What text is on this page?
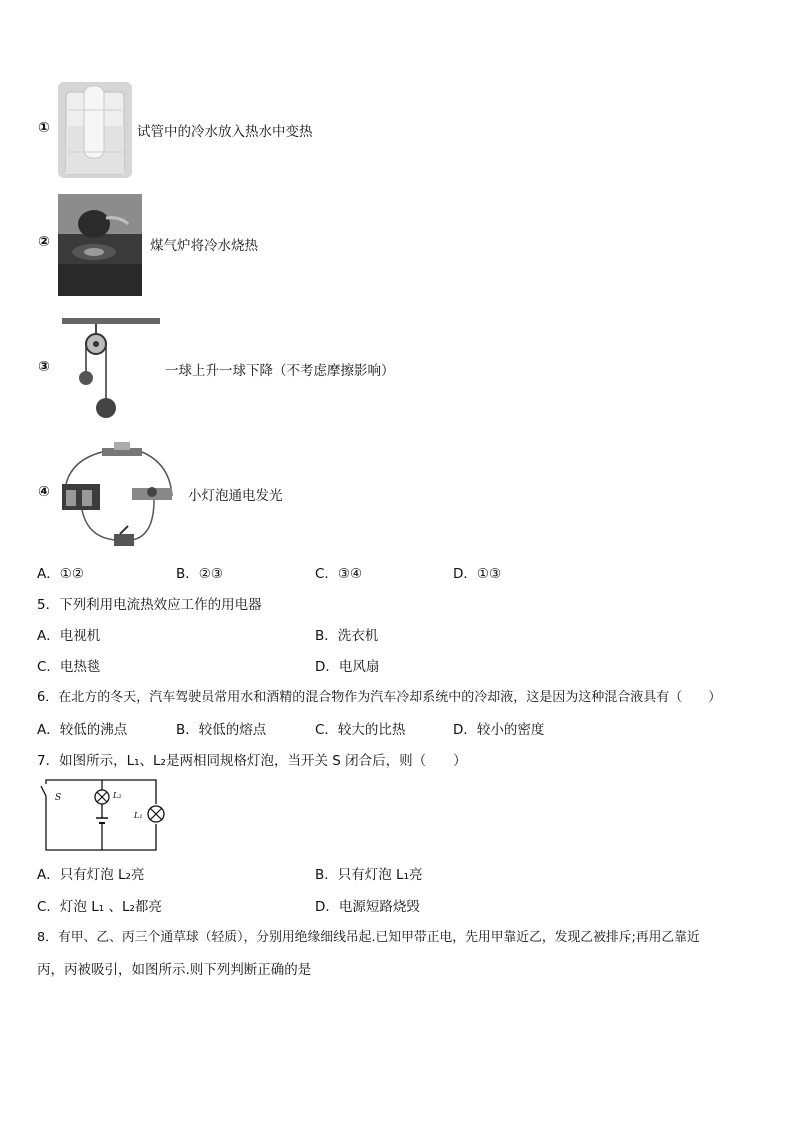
①	试管中的冷水放入热水中变热
②	煤气炉将冷水烧热
③	一球上升一球下降（不考虑摩擦影响）
④	小灯泡通电发光
A．①②	B．②③	C．③④	D．①③
5．下列利用电流热效应工作的用电器
A．电视机	B．洗衣机
C．电热毯	D．电风扇
6．在北方的冬天，汽车驾驶员常用水和酒精的混合物作为汽车冷却系统中的冷却液，这是因为这种混合液具有（　　）
A．较低的沸点	B．较低的熔点	C．较大的比热	D．较小的密度
7．如图所示，L₁、L₂是两相同规格灯泡，当开关 S 闭合后，则（　　）
S	L₂
L₁
A．只有灯泡 L₂亮	B．只有灯泡 L₁亮
C．灯泡 L₁ 、L₂都亮	D．电源短路烧毁
8．有甲、乙、丙三个通草球（轻质），分别用绝缘细线吊起.已知甲带正电，先用甲靠近乙，发现乙被排斥;再用乙靠近
丙，丙被吸引，如图所示.则下列判断正确的是
